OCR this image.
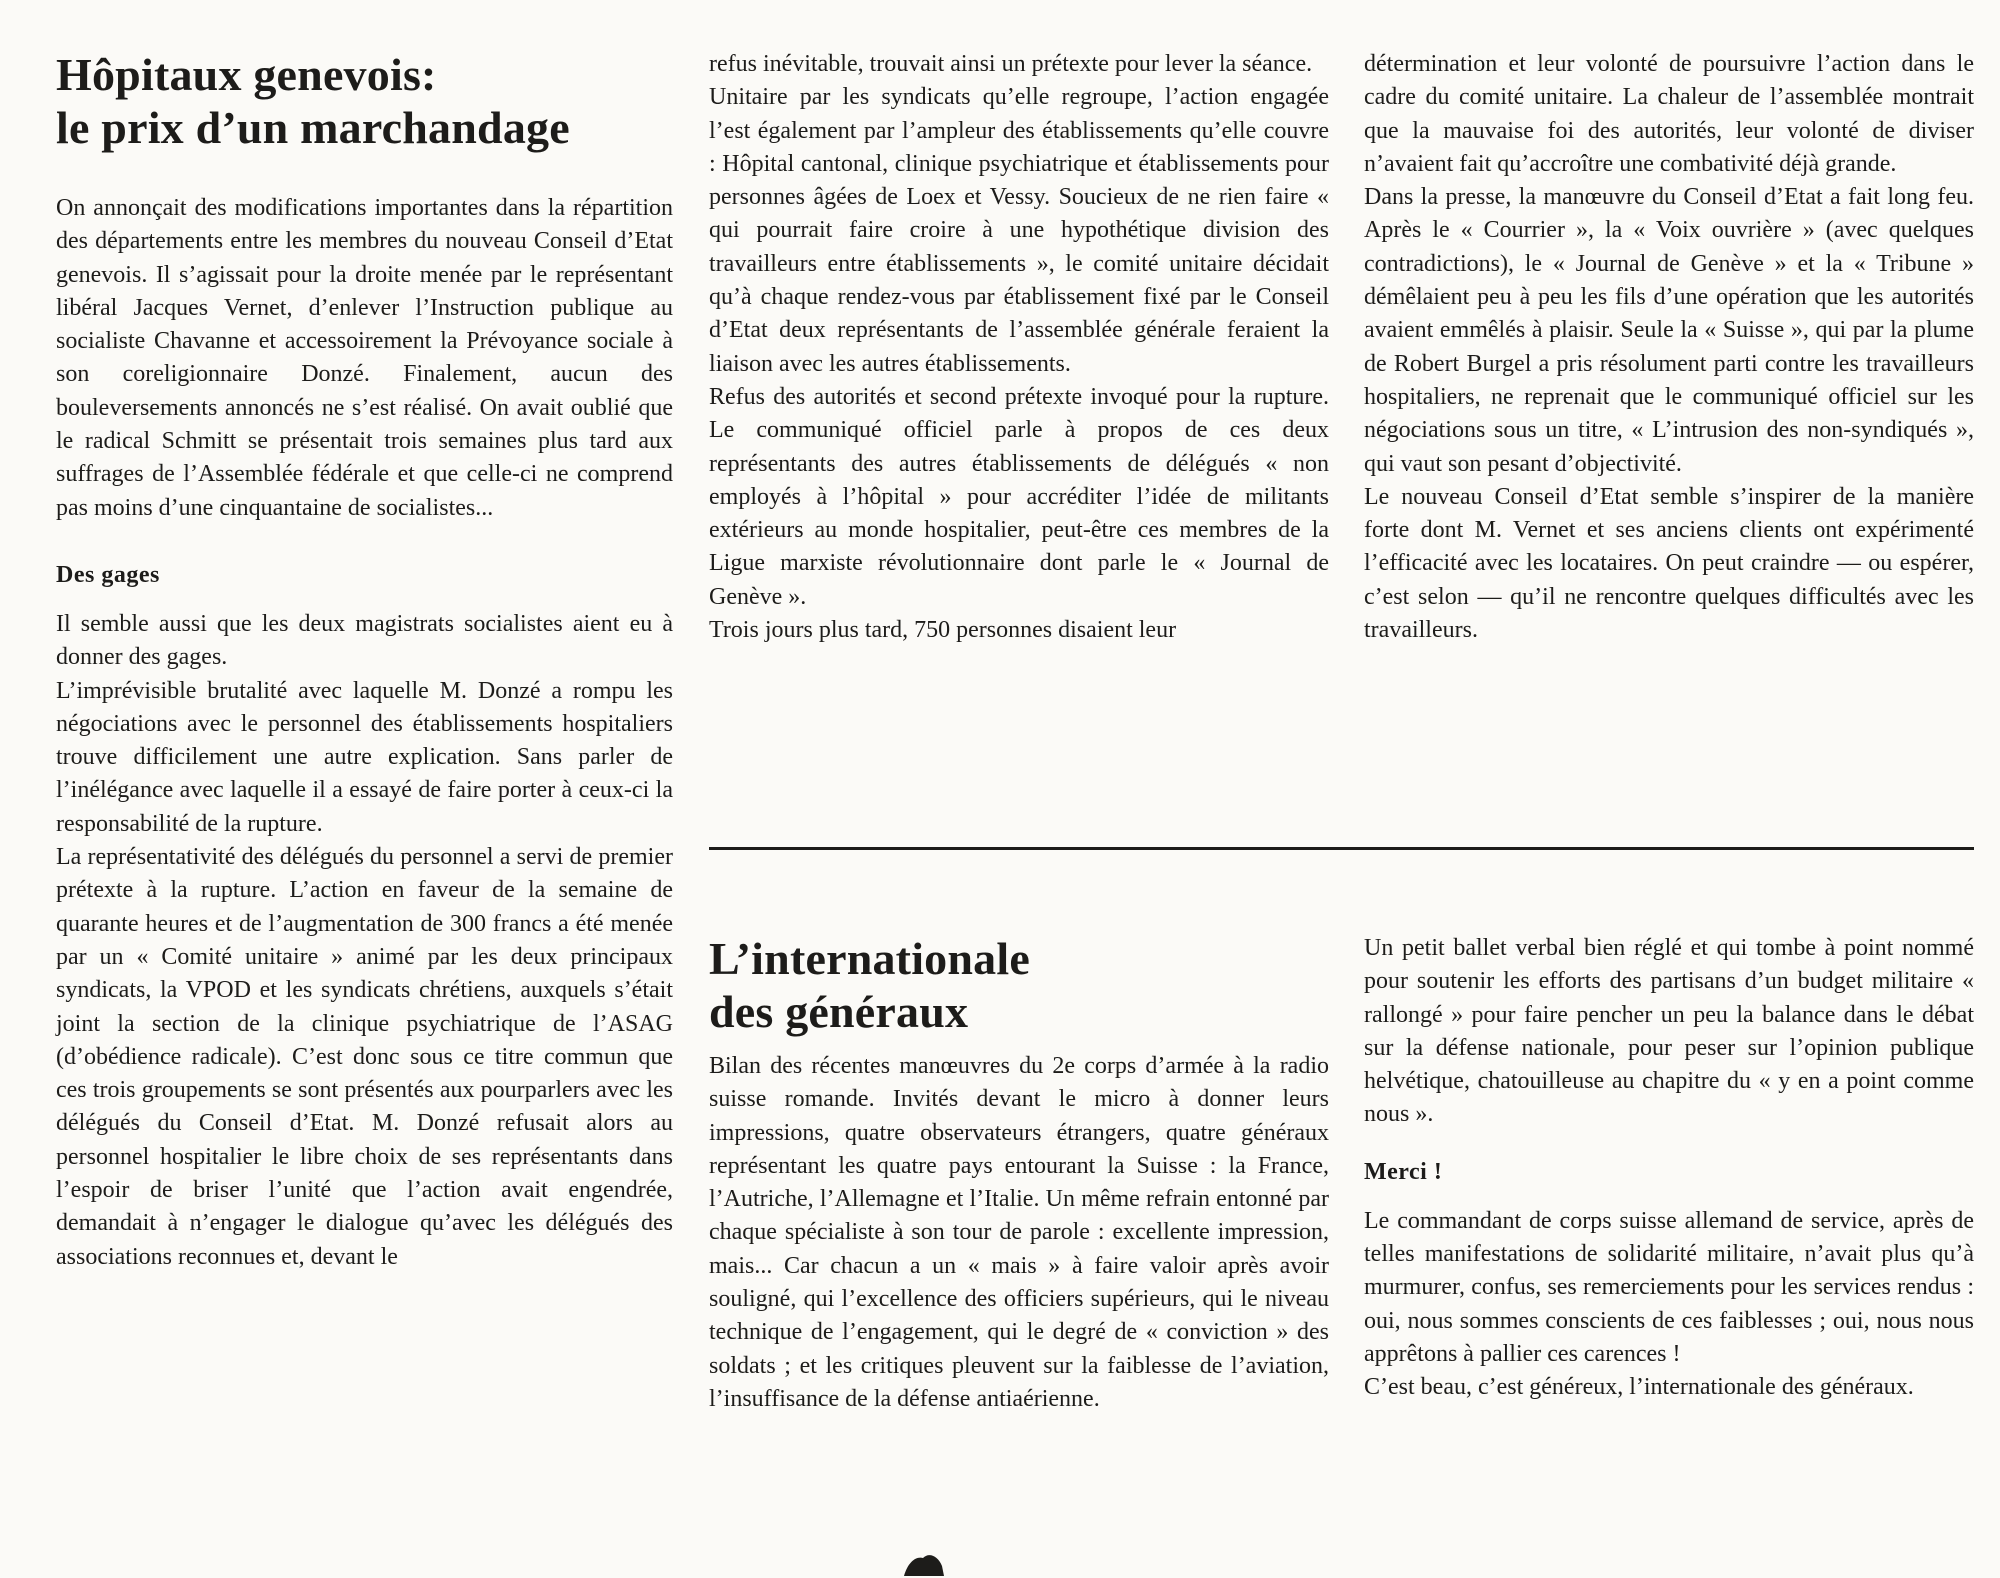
Hôpitaux genevois:
le prix d’un marchandage

On annonçait des modifications importantes dans la répartition des départements entre les membres du nouveau Conseil d’Etat genevois. Il s’agissait pour la droite menée par le représentant libéral Jacques Vernet, d’enlever l’Instruction publique au socialiste Chavanne et accessoirement la Prévoyance sociale à son coreligionnaire Donzé. Finalement, aucun des bouleversements annoncés ne s’est réalisé. On avait oublié que le radical Schmitt se présentait trois semaines plus tard aux suffrages de l’Assemblée fédérale et que celle-ci ne comprend pas moins d’une cinquantaine de socialistes...

Des gages

Il semble aussi que les deux magistrats socialistes aient eu à donner des gages.

L’imprévisible brutalité avec laquelle M. Donzé a rompu les négociations avec le personnel des établissements hospitaliers trouve difficilement une autre explication. Sans parler de l’inélégance avec laquelle il a essayé de faire porter à ceux-ci la responsabilité de la rupture.

La représentativité des délégués du personnel a servi de premier prétexte à la rupture. L’action en faveur de la semaine de quarante heures et de l’augmentation de 300 francs a été menée par un « Comité unitaire » animé par les deux principaux syndicats, la VPOD et les syndicats chrétiens, auxquels s’était joint la section de la clinique psychiatrique de l’ASAG (d’obédience radicale). C’est donc sous ce titre commun que ces trois groupements se sont présentés aux pourparlers avec les délégués du Conseil d’Etat. M. Donzé refusait alors au personnel hospitalier le libre choix de ses représentants dans l’espoir de briser l’unité que l’action avait engendrée, demandait à n’engager le dialogue qu’avec les délégués des associations reconnues et, devant le

refus inévitable, trouvait ainsi un prétexte pour lever la séance.

Unitaire par les syndicats qu’elle regroupe, l’action engagée l’est également par l’ampleur des établissements qu’elle couvre : Hôpital cantonal, clinique psychiatrique et établissements pour personnes âgées de Loex et Vessy. Soucieux de ne rien faire « qui pourrait faire croire à une hypothétique division des travailleurs entre établissements », le comité unitaire décidait qu’à chaque rendez-vous par établissement fixé par le Conseil d’Etat deux représentants de l’assemblée générale feraient la liaison avec les autres établissements.

Refus des autorités et second prétexte invoqué pour la rupture. Le communiqué officiel parle à propos de ces deux représentants des autres établissements de délégués « non employés à l’hôpital » pour accréditer l’idée de militants extérieurs au monde hospitalier, peut-être ces membres de la Ligue marxiste révolutionnaire dont parle le « Journal de Genève ».

Trois jours plus tard, 750 personnes disaient leur

détermination et leur volonté de poursuivre l’action dans le cadre du comité unitaire. La chaleur de l’assemblée montrait que la mauvaise foi des autorités, leur volonté de diviser n’avaient fait qu’accroître une combativité déjà grande.

Dans la presse, la manœuvre du Conseil d’Etat a fait long feu. Après le « Courrier », la « Voix ouvrière » (avec quelques contradictions), le « Journal de Genève » et la « Tribune » démêlaient peu à peu les fils d’une opération que les autorités avaient emmêlés à plaisir. Seule la « Suisse », qui par la plume de Robert Burgel a pris résolument parti contre les travailleurs hospitaliers, ne reprenait que le communiqué officiel sur les négociations sous un titre, « L’intrusion des non-syndiqués », qui vaut son pesant d’objectivité.

Le nouveau Conseil d’Etat semble s’inspirer de la manière forte dont M. Vernet et ses anciens clients ont expérimenté l’efficacité avec les locataires. On peut craindre — ou espérer, c’est selon — qu’il ne rencontre quelques difficultés avec les travailleurs.

L’internationale
des généraux

Bilan des récentes manœuvres du 2e corps d’armée à la radio suisse romande. Invités devant le micro à donner leurs impressions, quatre observateurs étrangers, quatre généraux représentant les quatre pays entourant la Suisse : la France, l’Autriche, l’Allemagne et l’Italie. Un même refrain entonné par chaque spécialiste à son tour de parole : excellente impression, mais... Car chacun a un « mais » à faire valoir après avoir souligné, qui l’excellence des officiers supérieurs, qui le niveau technique de l’engagement, qui le degré de « conviction » des soldats ; et les critiques pleuvent sur la faiblesse de l’aviation, l’insuffisance de la défense antiaérienne.

Un petit ballet verbal bien réglé et qui tombe à point nommé pour soutenir les efforts des partisans d’un budget militaire « rallongé » pour faire pencher un peu la balance dans le débat sur la défense nationale, pour peser sur l’opinion publique helvétique, chatouilleuse au chapitre du « y en a point comme nous ».

Merci !

Le commandant de corps suisse allemand de service, après de telles manifestations de solidarité militaire, n’avait plus qu’à murmurer, confus, ses remerciements pour les services rendus : oui, nous sommes conscients de ces faiblesses ; oui, nous nous apprêtons à pallier ces carences !

C’est beau, c’est généreux, l’internationale des généraux.
